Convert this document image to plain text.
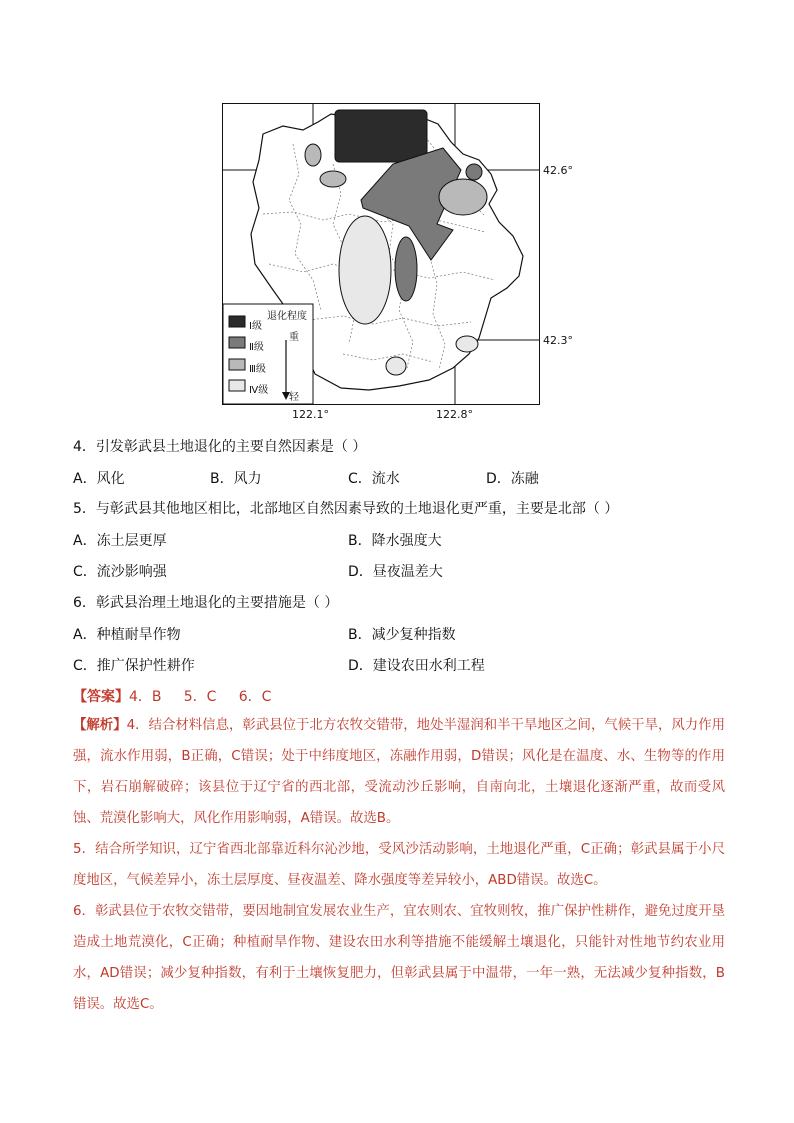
退化程度
Ⅰ级
Ⅱ级
Ⅲ级
Ⅳ级
重
轻
42.6°
42.3°
122.1°	122.8°
4．引发彰武县土地退化的主要自然因素是（ ）
A．风化	B．风力	C．流水	D．冻融
5．与彰武县其他地区相比，北部地区自然因素导致的土地退化更严重，主要是北部（ ）
A．冻土层更厚	B．降水强度大
C．流沙影响强	D．昼夜温差大
6．彰武县治理土地退化的主要措施是（ ）
A．种植耐旱作物	B．减少复种指数
C．推广保护性耕作	D．建设农田水利工程
【答案】4．B     5．C     6．C
【解析】4．结合材料信息，彰武县位于北方农牧交错带，地处半湿润和半干旱地区之间，气候干旱，风力作用强，流水作用弱，B正确，C错误；处于中纬度地区，冻融作用弱，D错误；风化是在温度、水、生物等的作用下，岩石崩解破碎；该县位于辽宁省的西北部，受流动沙丘影响，自南向北，土壤退化逐渐严重，故而受风蚀、荒漠化影响大，风化作用影响弱，A错误。故选B。
5．结合所学知识，辽宁省西北部靠近科尔沁沙地，受风沙活动影响，土地退化严重，C正确；彰武县属于小尺度地区，气候差异小，冻土层厚度、昼夜温差、降水强度等差异较小，ABD错误。故选C。
6．彰武县位于农牧交错带，要因地制宜发展农业生产，宜农则农、宜牧则牧，推广保护性耕作，避免过度开垦造成土地荒漠化，C正确；种植耐旱作物、建设农田水利等措施不能缓解土壤退化，只能针对性地节约农业用水，AD错误；减少复种指数，有利于土壤恢复肥力，但彰武县属于中温带，一年一熟，无法减少复种指数，B错误。故选C。
